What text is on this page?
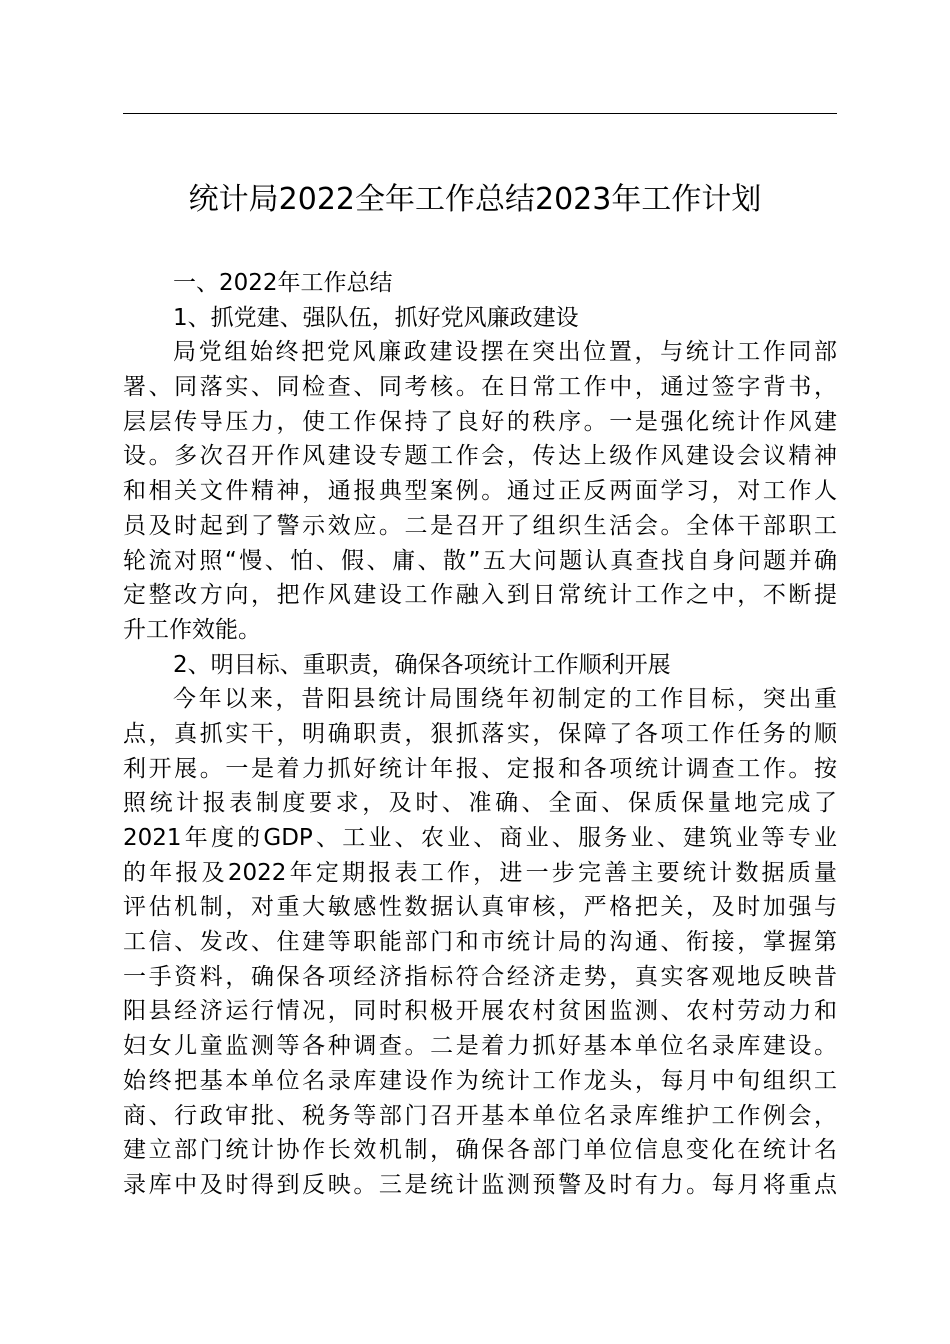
统计局2022全年工作总结2023年工作计划

一、2022年工作总结

1、抓党建、强队伍，抓好党风廉政建设

局党组始终把党风廉政建设摆在突出位置，与统计工作同部
署、同落实、同检查、同考核。在日常工作中，通过签字背书，
层层传导压力，使工作保持了良好的秩序。一是强化统计作风建
设。多次召开作风建设专题工作会，传达上级作风建设会议精神
和相关文件精神，通报典型案例。通过正反两面学习，对工作人
员及时起到了警示效应。二是召开了组织生活会。全体干部职工
轮流对照“慢、怕、假、庸、散”五大问题认真查找自身问题并确
定整改方向，把作风建设工作融入到日常统计工作之中，不断提
升工作效能。

2、明目标、重职责，确保各项统计工作顺利开展

今年以来，昔阳县统计局围绕年初制定的工作目标，突出重
点，真抓实干，明确职责，狠抓落实，保障了各项工作任务的顺
利开展。一是着力抓好统计年报、定报和各项统计调查工作。按
照统计报表制度要求，及时、准确、全面、保质保量地完成了
2021年度的GDP、工业、农业、商业、服务业、建筑业等专业
的年报及2022年定期报表工作，进一步完善主要统计数据质量
评估机制，对重大敏感性数据认真审核，严格把关，及时加强与
工信、发改、住建等职能部门和市统计局的沟通、衔接，掌握第
一手资料，确保各项经济指标符合经济走势，真实客观地反映昔
阳县经济运行情况，同时积极开展农村贫困监测、农村劳动力和
妇女儿童监测等各种调查。二是着力抓好基本单位名录库建设。
始终把基本单位名录库建设作为统计工作龙头，每月中旬组织工
商、行政审批、税务等部门召开基本单位名录库维护工作例会，
建立部门统计协作长效机制，确保各部门单位信息变化在统计名
录库中及时得到反映。三是统计监测预警及时有力。每月将重点
